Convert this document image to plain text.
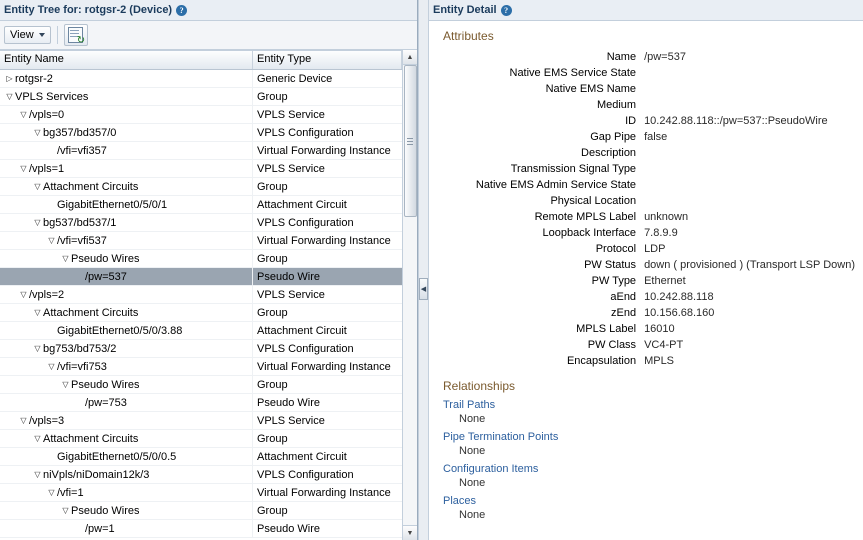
Entity Tree for: rotgsr-2 (Device) ?
View
↻
Entity Name	Entity Type
▷ rotgsr-2	Generic Device
▽ VPLS Services	Group
▽ /vpls=0	VPLS Service
▽ bg357/bd357/0	VPLS Configuration
/vfi=vfi357	Virtual Forwarding Instance
▽ /vpls=1	VPLS Service
▽ Attachment Circuits	Group
GigabitEthernet0/5/0/1	Attachment Circuit
▽ bg537/bd537/1	VPLS Configuration
▽ /vfi=vfi537	Virtual Forwarding Instance
▽ Pseudo Wires	Group
/pw=537	Pseudo Wire
▽ /vpls=2	VPLS Service
▽ Attachment Circuits	Group
GigabitEthernet0/5/0/3.88	Attachment Circuit
▽ bg753/bd753/2	VPLS Configuration
▽ /vfi=vfi753	Virtual Forwarding Instance
▽ Pseudo Wires	Group
/pw=753	Pseudo Wire
▽ /vpls=3	VPLS Service
▽ Attachment Circuits	Group
GigabitEthernet0/5/0/0.5	Attachment Circuit
▽ niVpls/niDomain12k/3	VPLS Configuration
▽ /vfi=1	Virtual Forwarding Instance
▽ Pseudo Wires	Group
/pw=1	Pseudo Wire
▲
▼
◀
Entity Detail ?
Attributes
Name	/pw=537
Native EMS Service State	
Native EMS Name	
Medium	
ID	10.242.88.118::/pw=537::PseudoWire
Gap Pipe	false
Description	
Transmission Signal Type	
Native EMS Admin Service State	
Physical Location	
Remote MPLS Label	unknown
Loopback Interface	7.8.9.9
Protocol	LDP
PW Status	down ( provisioned ) (Transport LSP Down)
PW Type	Ethernet
aEnd	10.242.88.118
zEnd	10.156.68.160
MPLS Label	16010
PW Class	VC4-PT
Encapsulation	MPLS
Relationships
Trail Paths
None
Pipe Termination Points
None
Configuration Items
None
Places
None
